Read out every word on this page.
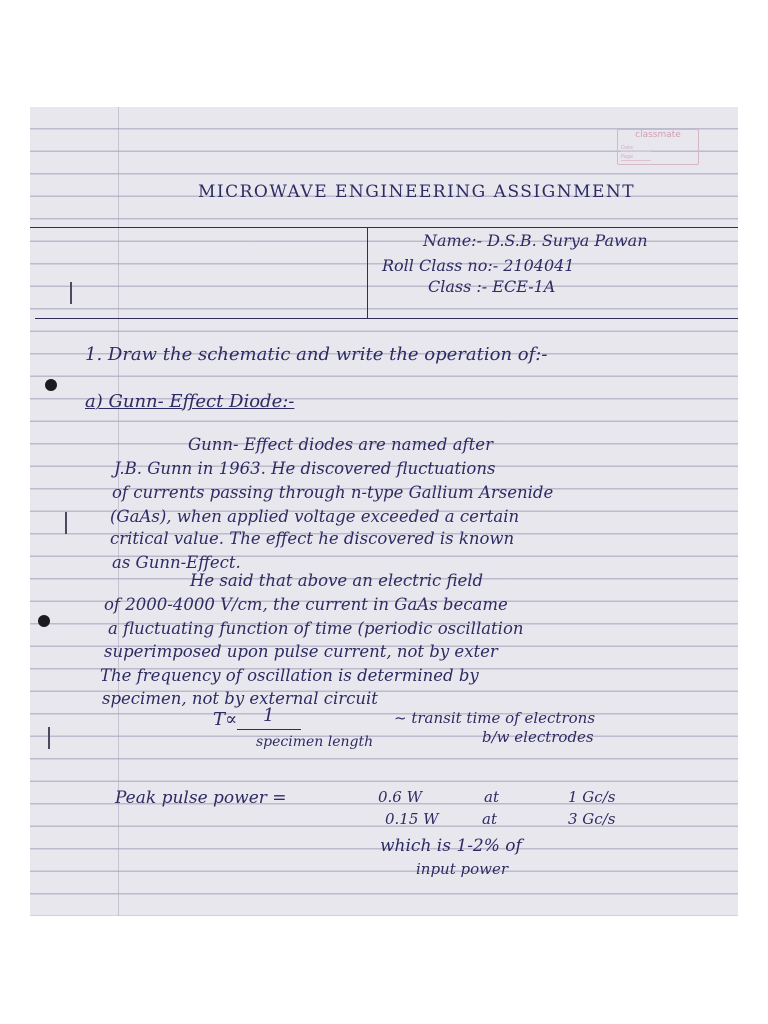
classmate
Date
Page
MICROWAVE ENGINEERING ASSIGNMENT
Name:- D.S.B. Surya Pawan
Roll Class no:- 2104041
Class :- ECE-1A
1. Draw the schematic and write the operation of:-
a) Gunn- Effect Diode:-
Gunn- Effect diodes are named after
J.B. Gunn in 1963. He discovered fluctuations
of currents passing through n-type Gallium Arsenide
(GaAs), when applied voltage exceeded a certain
critical value. The effect he discovered is known
as Gunn-Effect.
He said that above an electric field
of 2000-4000 V/cm, the current in GaAs became
a fluctuating function of time (periodic oscillation
superimposed upon pulse current, not by exter
The frequency of oscillation is determined by
specimen, not by external circuit
T∝ 1
specimen length
~ transit time of electrons
b/w electrodes
Peak pulse power =	0.6 W	at	1 Gc/s
0.15 W	at	3 Gc/s
which is 1-2% of
input power
